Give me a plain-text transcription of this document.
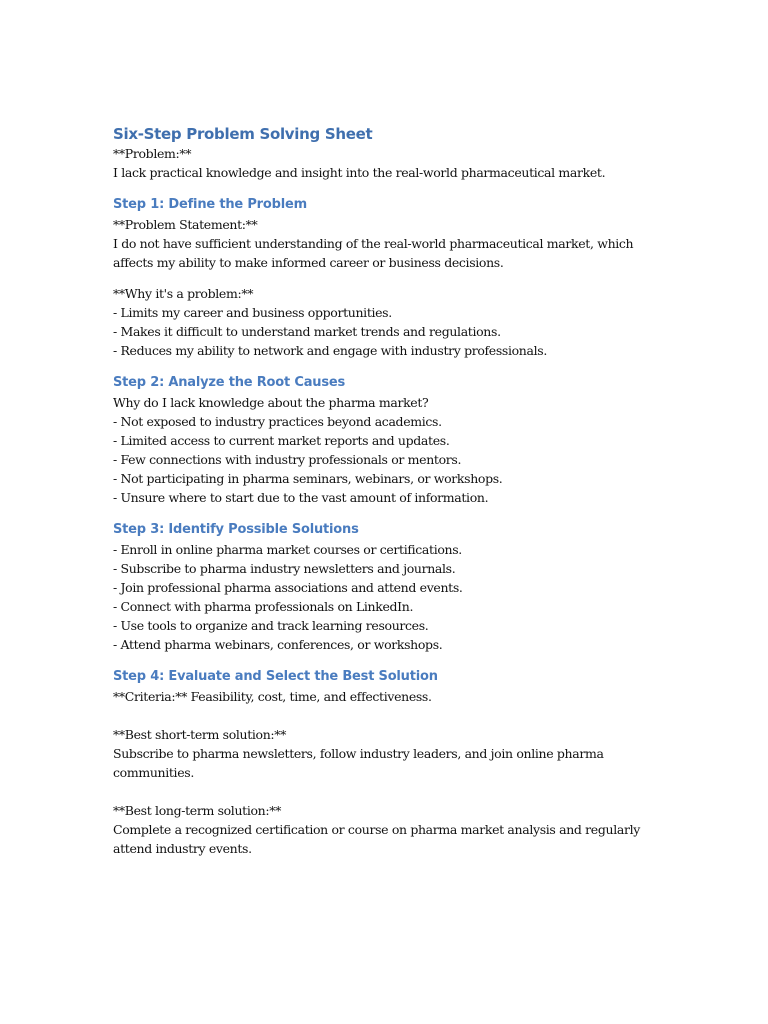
Six-Step Problem Solving Sheet

**Problem:**

I lack practical knowledge and insight into the real-world pharmaceutical market.

Step 1: Define the Problem

**Problem Statement:**

I do not have sufficient understanding of the real-world pharmaceutical market, which

affects my ability to make informed career or business decisions.

**Why it's a problem:**

- Limits my career and business opportunities.

- Makes it difficult to understand market trends and regulations.

- Reduces my ability to network and engage with industry professionals.

Step 2: Analyze the Root Causes

Why do I lack knowledge about the pharma market?

- Not exposed to industry practices beyond academics.

- Limited access to current market reports and updates.

- Few connections with industry professionals or mentors.

- Not participating in pharma seminars, webinars, or workshops.

- Unsure where to start due to the vast amount of information.

Step 3: Identify Possible Solutions

- Enroll in online pharma market courses or certifications.

- Subscribe to pharma industry newsletters and journals.

- Join professional pharma associations and attend events.

- Connect with pharma professionals on LinkedIn.

- Use tools to organize and track learning resources.

- Attend pharma webinars, conferences, or workshops.

Step 4: Evaluate and Select the Best Solution

**Criteria:** Feasibility, cost, time, and effectiveness.

**Best short-term solution:**

Subscribe to pharma newsletters, follow industry leaders, and join online pharma

communities.

**Best long-term solution:**

Complete a recognized certification or course on pharma market analysis and regularly

attend industry events.
